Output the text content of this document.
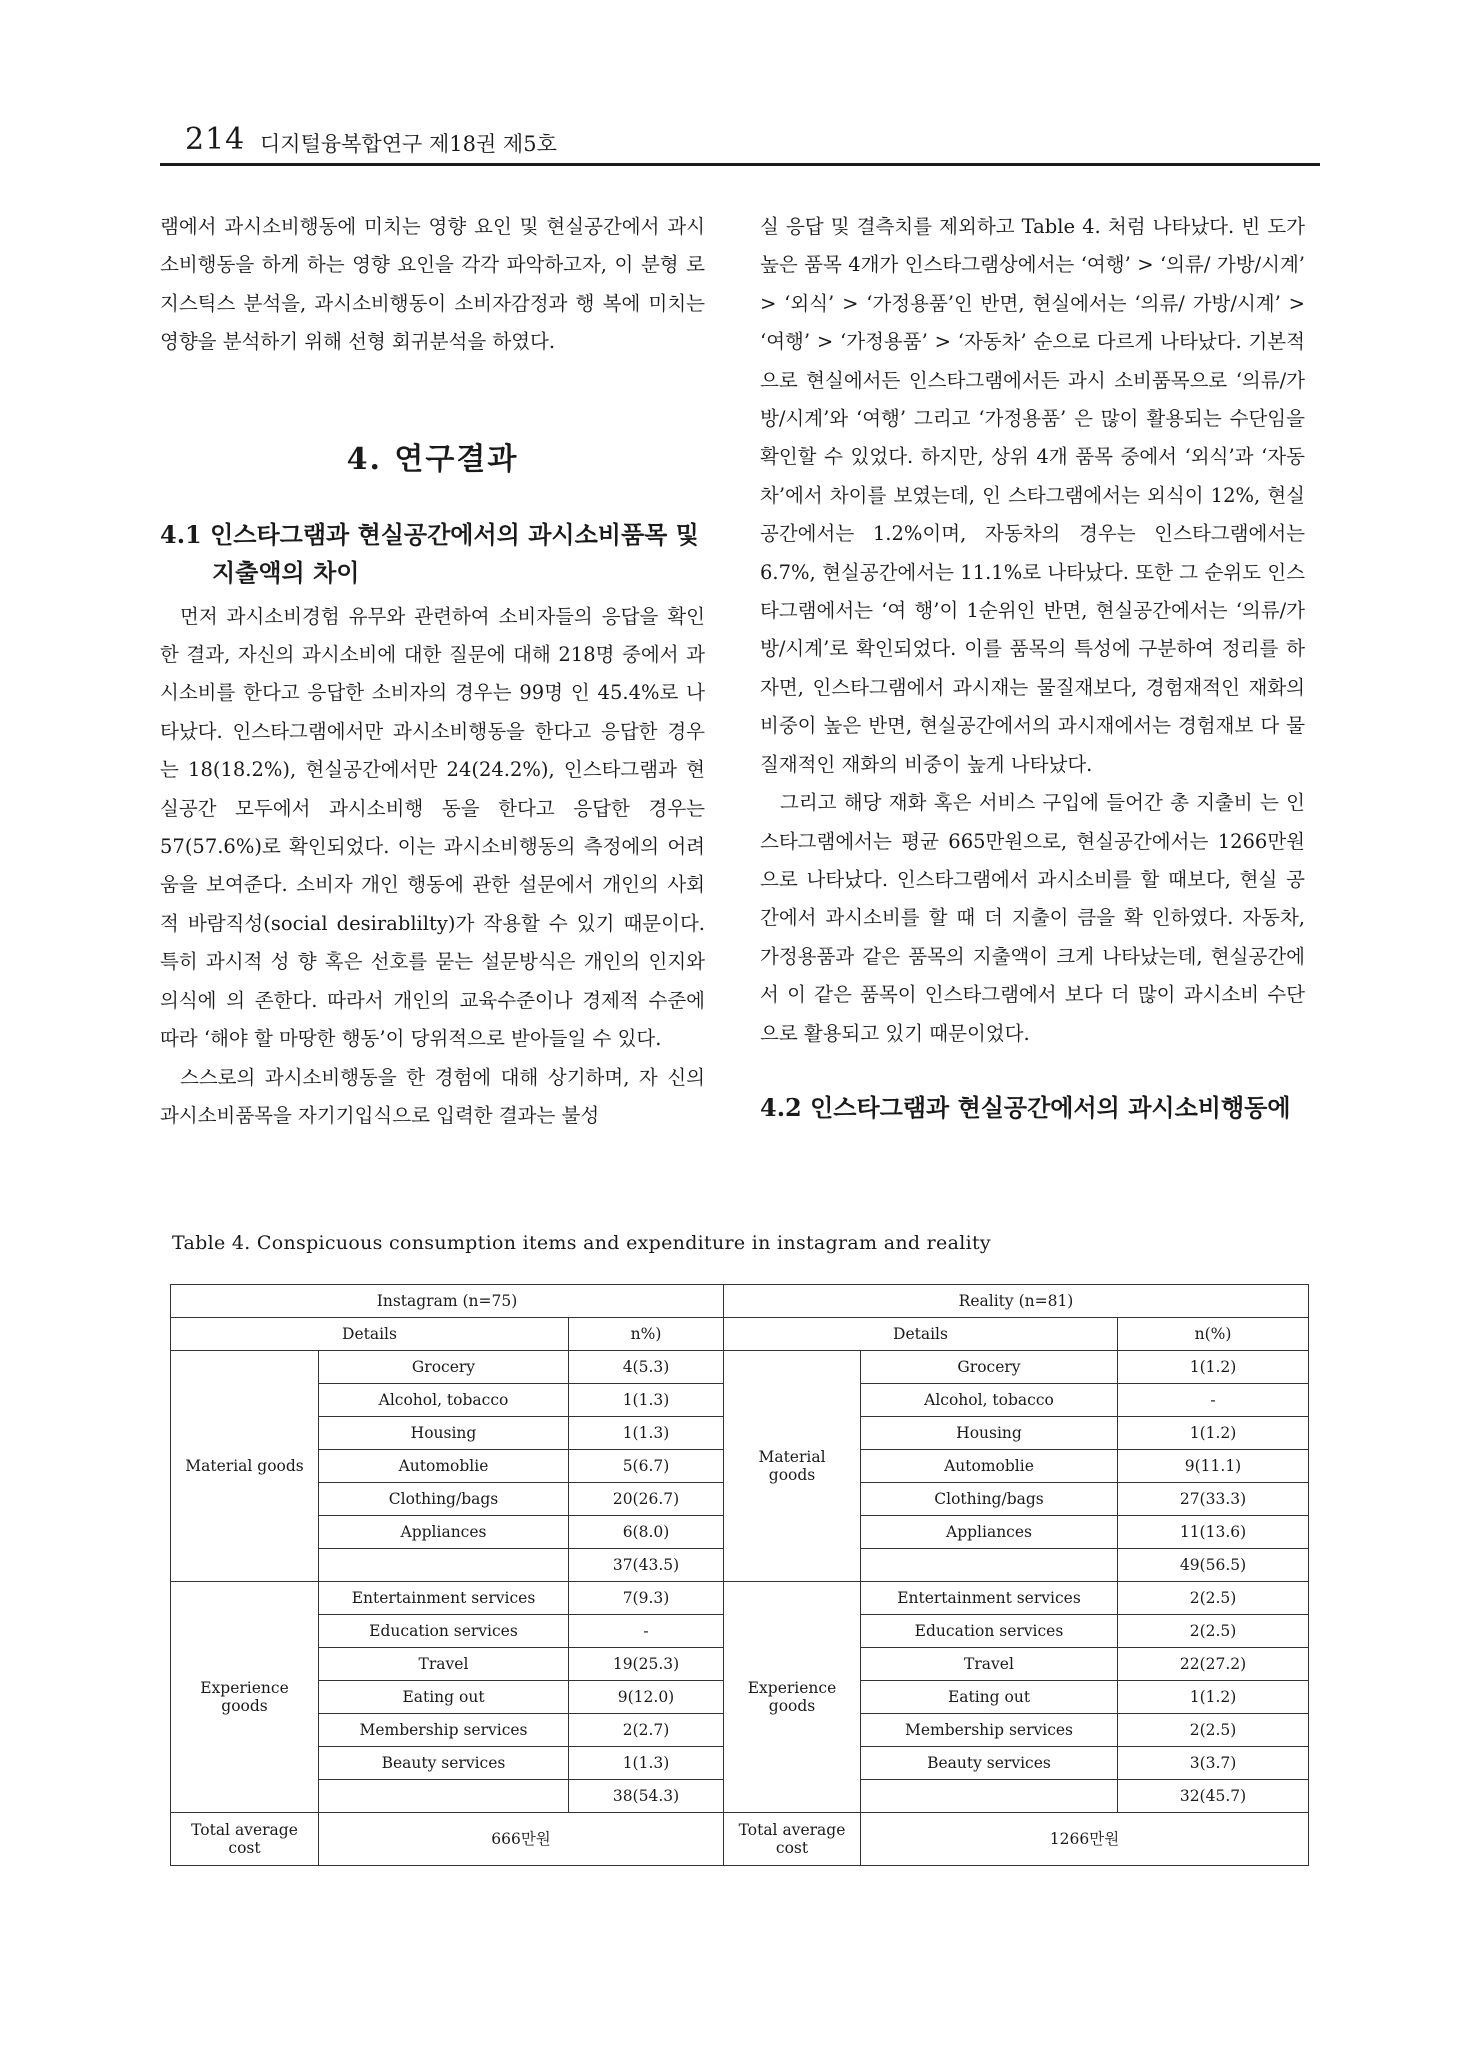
214 디지털융복합연구 제18권 제5호

램에서 과시소비행동에 미치는 영향 요인 및 현실공간에서 과시소비행동을 하게 하는 영향 요인을 각각 파악하고자, 이 분형 로지스틱스 분석을, 과시소비행동이 소비자감정과 행 복에 미치는 영향을 분석하기 위해 선형 회귀분석을 하였다.

4. 연구결과
4.1 인스타그램과 현실공간에서의 과시소비품목 및
지출액의 차이

먼저 과시소비경험 유무와 관련하여 소비자들의 응답을 확인한 결과, 자신의 과시소비에 대한 질문에 대해 218명 중에서 과시소비를 한다고 응답한 소비자의 경우는 99명 인 45.4%로 나타났다. 인스타그램에서만 과시소비행동을 한다고 응답한 경우는 18(18.2%), 현실공간에서만 24(24.2%), 인스타그램과 현실공간 모두에서 과시소비행 동을 한다고 응답한 경우는 57(57.6%)로 확인되었다. 이는 과시소비행동의 측정에의 어려움을 보여준다. 소비자 개인 행동에 관한 설문에서 개인의 사회적 바람직성(social desirablilty)가 작용할 수 있기 때문이다. 특히 과시적 성 향 혹은 선호를 묻는 설문방식은 개인의 인지와 의식에 의 존한다. 따라서 개인의 교육수준이나 경제적 수준에 따라 ‘해야 할 마땅한 행동’이 당위적으로 받아들일 수 있다.

스스로의 과시소비행동을 한 경험에 대해 상기하며, 자 신의 과시소비품목을 자기기입식으로 입력한 결과는 불성

실 응답 및 결측치를 제외하고 Table 4. 처럼 나타났다. 빈 도가 높은 품목 4개가 인스타그램상에서는 ‘여행’ > ‘의류/ 가방/시계’ > ‘외식’ > ‘가정용품’인 반면, 현실에서는 ‘의류/ 가방/시계’ > ‘여행’ > ‘가정용품’ > ‘자동차’ 순으로 다르게 나타났다. 기본적으로 현실에서든 인스타그램에서든 과시 소비품목으로 ‘의류/가방/시계’와 ‘여행’ 그리고 ‘가정용품’ 은 많이 활용되는 수단임을 확인할 수 있었다. 하지만, 상위 4개 품목 중에서 ‘외식’과 ‘자동차’에서 차이를 보였는데, 인 스타그램에서는 외식이 12%, 현실공간에서는 1.2%이며, 자동차의 경우는 인스타그램에서는 6.7%, 현실공간에서는 11.1%로 나타났다. 또한 그 순위도 인스타그램에서는 ‘여 행’이 1순위인 반면, 현실공간에서는 ‘의류/가방/시계’로 확인되었다. 이를 품목의 특성에 구분하여 정리를 하자면, 인스타그램에서 과시재는 물질재보다, 경험재적인 재화의 비중이 높은 반면, 현실공간에서의 과시재에서는 경험재보 다 물질재적인 재화의 비중이 높게 나타났다.

그리고 해당 재화 혹은 서비스 구입에 들어간 총 지출비 는 인스타그램에서는 평균 665만원으로, 현실공간에서는 1266만원으로 나타났다. 인스타그램에서 과시소비를 할 때보다, 현실 공간에서 과시소비를 할 때 더 지출이 큼을 확 인하였다. 자동차, 가정용품과 같은 품목의 지출액이 크게 나타났는데, 현실공간에서 이 같은 품목이 인스타그램에서 보다 더 많이 과시소비 수단으로 활용되고 있기 때문이었다.

4.2 인스타그램과 현실공간에서의 과시소비행동에
Table 4. Conspicuous consumption items and expenditure in instagram and reality
Instagram (n=75)			Reality (n=81)		
Details		n%)	Details		n(%)
Material goods	Grocery	4(5.3)	Material goods	Grocery	1(1.2)
	Alcohol, tobacco	1(1.3)		Alcohol, tobacco	-
	Housing	1(1.3)		Housing	1(1.2)
	Automoblie	5(6.7)		Automoblie	9(11.1)
	Clothing/bags	20(26.7)		Clothing/bags	27(33.3)
	Appliances	6(8.0)		Appliances	11(13.6)
		37(43.5)			49(56.5)
Experience goods	Entertainment services	7(9.3)	Experience goods	Entertainment services	2(2.5)
	Education services	-		Education services	2(2.5)
	Travel	19(25.3)		Travel	22(27.2)
	Eating out	9(12.0)		Eating out	1(1.2)
	Membership services	2(2.7)		Membership services	2(2.5)
	Beauty services	1(1.3)		Beauty services	3(3.7)
		38(54.3)			32(45.7)
Total average cost	666만원		Total average cost	1266만원	
